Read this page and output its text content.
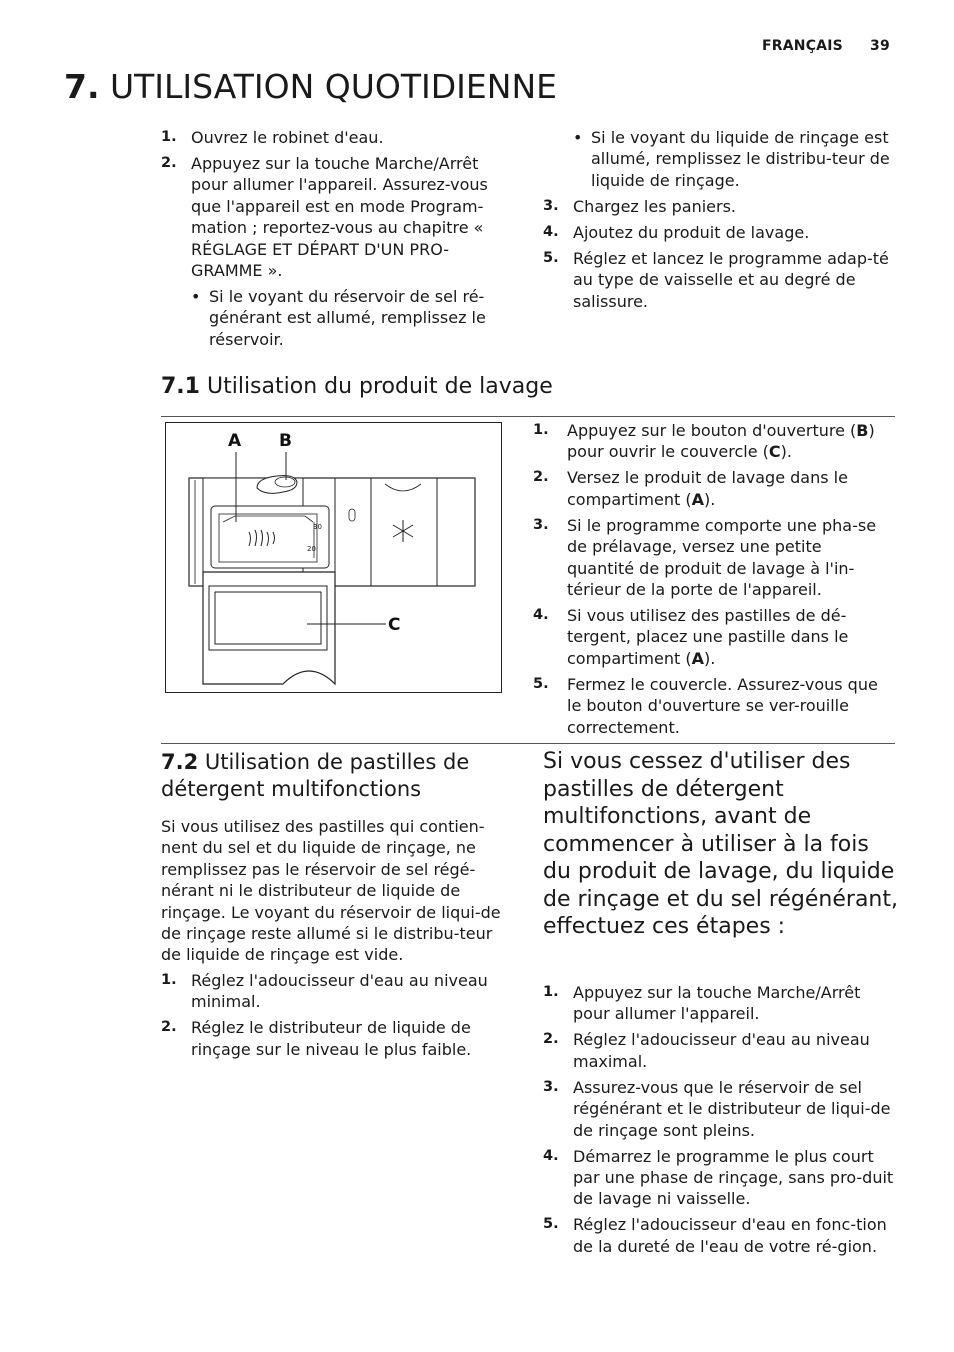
FRANÇAIS 39
7. UTILISATION QUOTIDIENNE
1. Ouvrez le robinet d'eau.
2. Appuyez sur la touche Marche/Arrêt pour allumer l'appareil. Assurez-vous que l'appareil est en mode Program-mation ; reportez-vous au chapitre « RÉGLAGE ET DÉPART D'UN PRO-GRAMME ».
• Si le voyant du réservoir de sel ré-générant est allumé, remplissez le réservoir.
• Si le voyant du liquide de rinçage est allumé, remplissez le distribu-teur de liquide de rinçage.
3. Chargez les paniers.
4. Ajoutez du produit de lavage.
5. Réglez et lancez le programme adap-té au type de vaisselle et au degré de salissure.
7.1 Utilisation du produit de lavage
30
20
A B
C
1. Appuyez sur le bouton d'ouverture (B) pour ouvrir le couvercle (C).
2. Versez le produit de lavage dans le compartiment (A).
3. Si le programme comporte une pha-se de prélavage, versez une petite quantité de produit de lavage à l'in-térieur de la porte de l'appareil.
4. Si vous utilisez des pastilles de dé-tergent, placez une pastille dans le compartiment (A).
5. Fermez le couvercle. Assurez-vous que le bouton d'ouverture se ver-rouille correctement.
7.2 Utilisation de pastilles de détergent multifonctions
Si vous utilisez des pastilles qui contien-nent du sel et du liquide de rinçage, ne remplissez pas le réservoir de sel régé-nérant ni le distributeur de liquide de rinçage. Le voyant du réservoir de liqui-de de rinçage reste allumé si le distribu-teur de liquide de rinçage est vide.
1. Réglez l'adoucisseur d'eau au niveau minimal.
2. Réglez le distributeur de liquide de rinçage sur le niveau le plus faible.
Si vous cessez d'utiliser des pastilles de détergent multifonctions, avant de commencer à utiliser à la fois du produit de lavage, du liquide de rinçage et du sel régénérant, effectuez ces étapes :
1. Appuyez sur la touche Marche/Arrêt pour allumer l'appareil.
2. Réglez l'adoucisseur d'eau au niveau maximal.
3. Assurez-vous que le réservoir de sel régénérant et le distributeur de liqui-de de rinçage sont pleins.
4. Démarrez le programme le plus court par une phase de rinçage, sans pro-duit de lavage ni vaisselle.
5. Réglez l'adoucisseur d'eau en fonc-tion de la dureté de l'eau de votre ré-gion.
